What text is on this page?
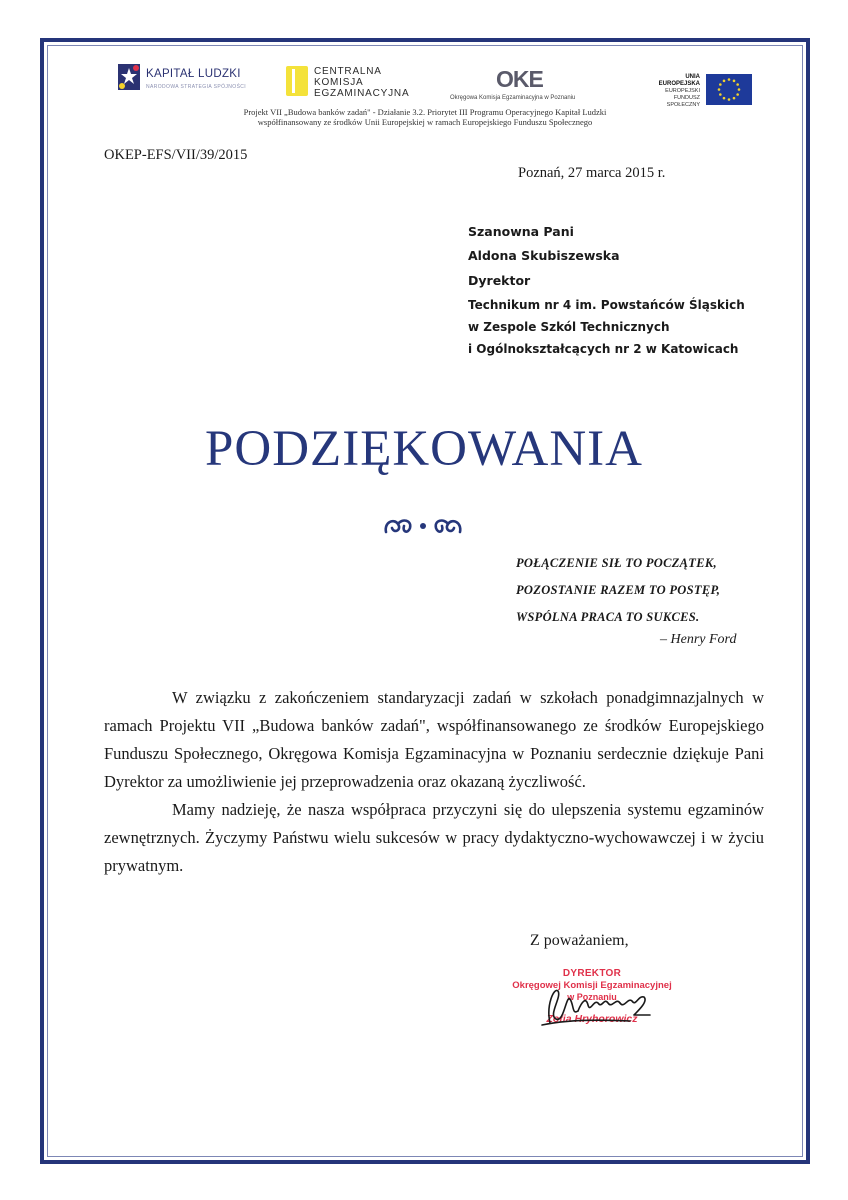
KAPITAŁ LUDZKI
NARODOWA STRATEGIA SPÓJNOŚCI
CENTRALNA
KOMISJA
EGZAMINACYJNA
OKE
Okręgowa Komisja Egzaminacyjna w Poznaniu
UNIA EUROPEJSKA
EUROPEJSKI
FUNDUSZ SPOŁECZNY
Projekt VII „Budowa banków zadań" - Działanie 3.2. Priorytet III Programu Operacyjnego Kapitał Ludzki
współfinansowany ze środków Unii Europejskiej w ramach Europejskiego Funduszu Społecznego
OKEP-EFS/VII/39/2015
Poznań, 27 marca 2015 r.
Szanowna Pani
Aldona Skubiszewska
Dyrektor
Technikum nr 4 im. Powstańców Śląskich
w Zespole Szkól Technicznych
i Ogólnokształcących nr 2 w Katowicach
PODZIĘKOWANIA
POŁĄCZENIE SIŁ TO POCZĄTEK,
POZOSTANIE RAZEM TO POSTĘP,
WSPÓLNA PRACA TO SUKCES.
– Henry Ford

W związku z zakończeniem standaryzacji zadań w szkołach ponadgimnazjalnych w ramach Projektu VII „Budowa banków zadań", współfinansowanego ze środków Europejskiego Funduszu Społecznego, Okręgowa Komisja Egzaminacyjna w Poznaniu serdecznie dziękuje Pani Dyrektor za umożliwienie jej przeprowadzenia oraz okazaną życzliwość.

Mamy nadzieję, że nasza współpraca przyczyni się do ulepszenia systemu egzaminów zewnętrznych. Życzymy Państwu wielu sukcesów w pracy dydaktyczno-wychowawczej i w życiu prywatnym.

Z poważaniem,
DYREKTOR
Okręgowej Komisji Egzaminacyjnej
w Poznaniu
Zofia Hryhorowicz
